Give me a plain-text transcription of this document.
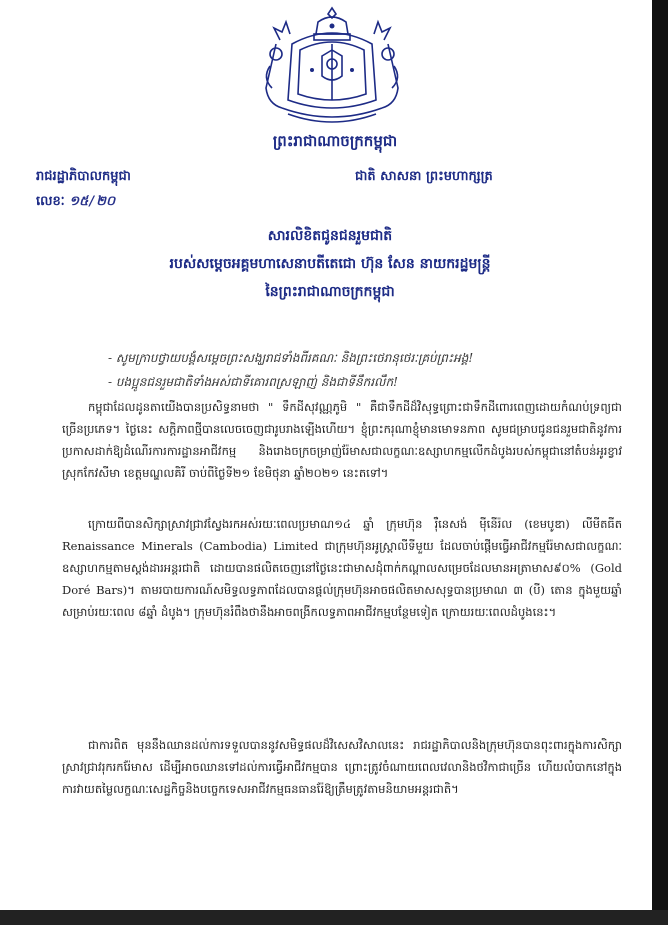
ព្រះរាជាណាចក្រកម្ពុជា
ជាតិ សាសនា ព្រះមហាក្សត្រ
រាជរដ្ឋាភិបាលកម្ពុជា
លេខៈ ១៥/២០
សារលិខិតជូនជនរួមជាតិ
របស់សម្ដេចអគ្គមហាសេនាបតីតេជោ ហ៊ុន សែន នាយករដ្ឋមន្ត្រី
នៃព្រះរាជាណាចក្រកម្ពុជា
- សូមក្រាបថ្វាយបង្គំសម្ដេចព្រះសង្ឃរាជទាំងពីរគណៈ និងព្រះថេរានុថេរៈគ្រប់ព្រះអង្គ!
- បងប្អូនជនរួមជាតិទាំងអស់ជាទីគោរពស្រឡាញ់ និងជាទីនឹករលឹក!

កម្ពុជាដែលដូនតាយើងបានប្រសិទ្ធនាមថា " ទឹកដីសុវណ្ណភូមិ " គឺជាទឹកដីដ៏វិសុទ្ធព្រោះជាទឹកដីពោរពេញដោយកំណប់ទ្រព្យជាច្រើនប្រភេទ។ ថ្ងៃនេះ សក្ដិភាពថ្មីបានលេចចេញជារូបរាងឡើងហើយ។ ខ្ញុំព្រះករុណាខ្ញុំមានមោទនភាព សូមជម្រាបជូនជនរួមជាតិនូវការប្រកាសដាក់ឱ្យដំណើរការការដ្ឋានអាជីវកម្ម និងរោងចក្រចម្រាញ់រ៉ែមាសជាលក្ខណៈឧស្សាហកម្មលើកដំបូងរបស់កម្ពុជានៅតំបន់អូរខ្វាវ ស្រុកកែវសីមា ខេត្តមណ្ឌលគិរី ចាប់ពីថ្ងៃទី២១ ខែមិថុនា ឆ្នាំ២០២១ នេះតទៅ។

ក្រោយពីបានសិក្សាស្រាវជ្រាវស្វែងរកអស់រយៈពេលប្រមាណ១៤ ឆ្នាំ ក្រុមហ៊ុន រ៉ឺនេសង់ ម៉ីនើរ៉ល (ខេមបូឌា) លីមីតធីត Renaissance Minerals (Cambodia) Limited ជាក្រុមហ៊ុនអូស្ត្រាលីទីមួយ ដែលចាប់ផ្ដើមធ្វើអាជីវកម្មរ៉ែមាសជាលក្ខណៈឧស្សាហកម្មតាមស្តង់ដារអន្តរជាតិ ដោយបានផលិតចេញនៅថ្ងៃនេះជាមាសដុំពាក់កណ្ដាលសម្រេចដែលមានអត្រាមាស៩០% (Gold Doré Bars)។ តាមរបាយការណ៍សមិទ្ធលទ្ធភាពដែលបានផ្ដល់ក្រុមហ៊ុនអាចផលិតមាសសុទ្ធបានប្រមាណ ៣ (បី) តោន ក្នុងមួយឆ្នាំ សម្រាប់រយៈពេល ៨ឆ្នាំ ដំបូង។ ក្រុមហ៊ុនរំពឹងថានឹងអាចពង្រីកលទ្ធភាពអាជីវកម្មបន្ថែមទៀត ក្រោយរយៈពេលដំបូងនេះ។

ជាការពិត មុននឹងឈានដល់ការទទួលបាននូវសមិទ្ធផលដ៏វិសេសវិសាលនេះ រាជរដ្ឋាភិបាលនិងក្រុមហ៊ុនបានពុះពារក្នុងការសិក្សាស្រាវជ្រាវរុករករ៉ែមាស ដើម្បីអាចឈានទៅដល់ការធ្វើអាជីវកម្មបាន ព្រោះត្រូវចំណាយពេលវេលានិងថវិកាជាច្រើន ហើយលំបាកនៅក្នុងការវាយតម្លៃលក្ខណៈសេដ្ឋកិច្ចនិងបច្ចេកទេសអាជីវកម្មធនធានរ៉ែឱ្យត្រឹមត្រូវតាមនិយាមអន្តរជាតិ។
